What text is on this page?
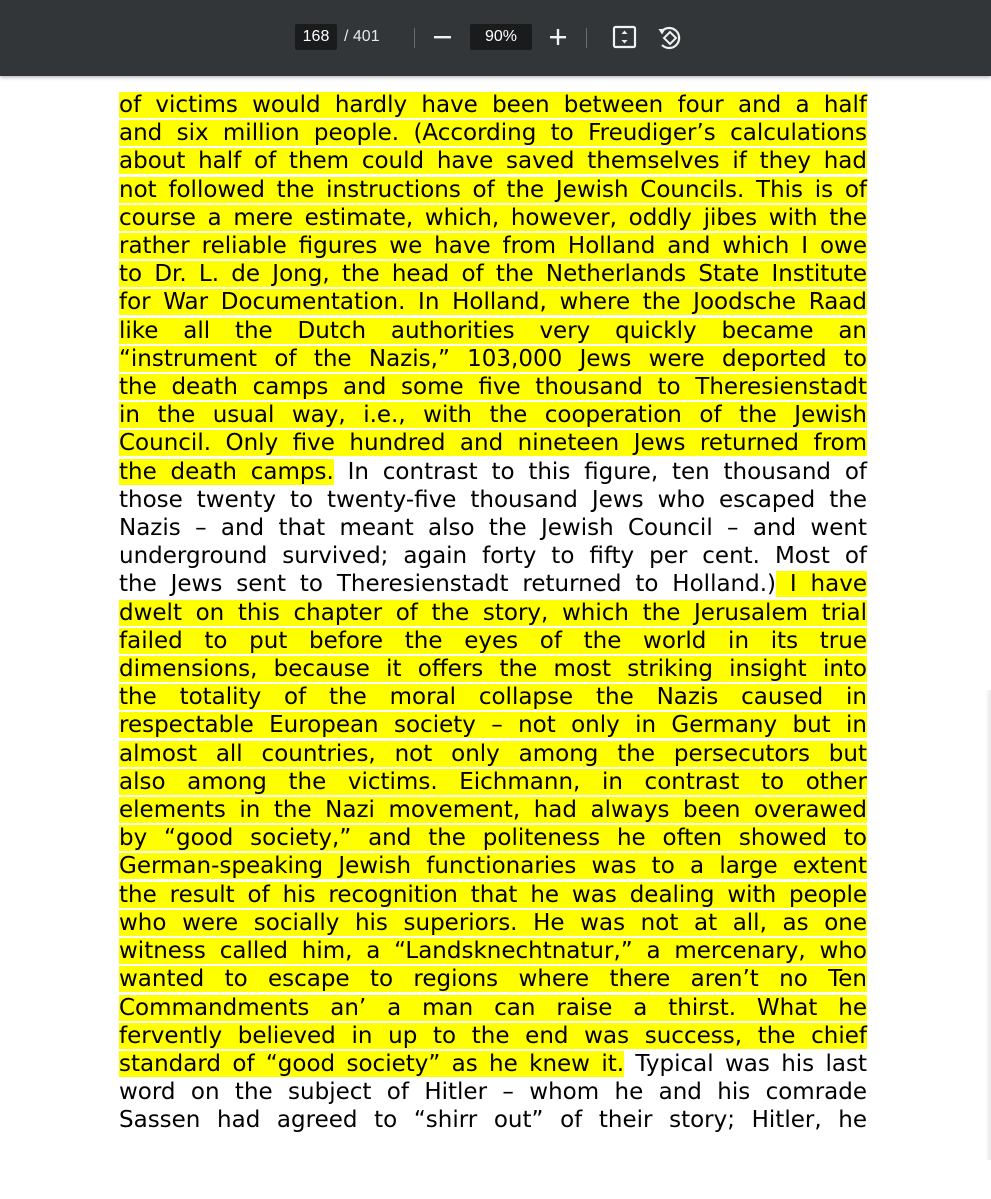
168 / 401	90%

of victims would hardly have been between four and a half

and six million people. (According to Freudiger’s calculations

about half of them could have saved themselves if they had

not followed the instructions of the Jewish Councils. This is of

course a mere estimate, which, however, oddly jibes with the

rather reliable figures we have from Holland and which I owe

to Dr. L. de Jong, the head of the Netherlands State Institute

for War Documentation. In Holland, where the Joodsche Raad

like all the Dutch authorities very quickly became an

“instrument of the Nazis,” 103,000 Jews were deported to

the death camps and some five thousand to Theresienstadt

in the usual way, i.e., with the cooperation of the Jewish

Council. Only five hundred and nineteen Jews returned from

the death camps. In contrast to this figure, ten thousand of

those twenty to twenty-five thousand Jews who escaped the

Nazis – and that meant also the Jewish Council – and went

underground survived; again forty to fifty per cent. Most of

the Jews sent to Theresienstadt returned to Holland.) I have

dwelt on this chapter of the story, which the Jerusalem trial

failed to put before the eyes of the world in its true

dimensions, because it offers the most striking insight into

the totality of the moral collapse the Nazis caused in

respectable European society – not only in Germany but in

almost all countries, not only among the persecutors but

also among the victims. Eichmann, in contrast to other

elements in the Nazi movement, had always been overawed

by “good society,” and the politeness he often showed to

German-speaking Jewish functionaries was to a large extent

the result of his recognition that he was dealing with people

who were socially his superiors. He was not at all, as one

witness called him, a “Landsknechtnatur,” a mercenary, who

wanted to escape to regions where there aren’t no Ten

Commandments an’ a man can raise a thirst. What he

fervently believed in up to the end was success, the chief

standard of “good society” as he knew it. Typical was his last

word on the subject of Hitler – whom he and his comrade

Sassen had agreed to “shirr out” of their story; Hitler, he
